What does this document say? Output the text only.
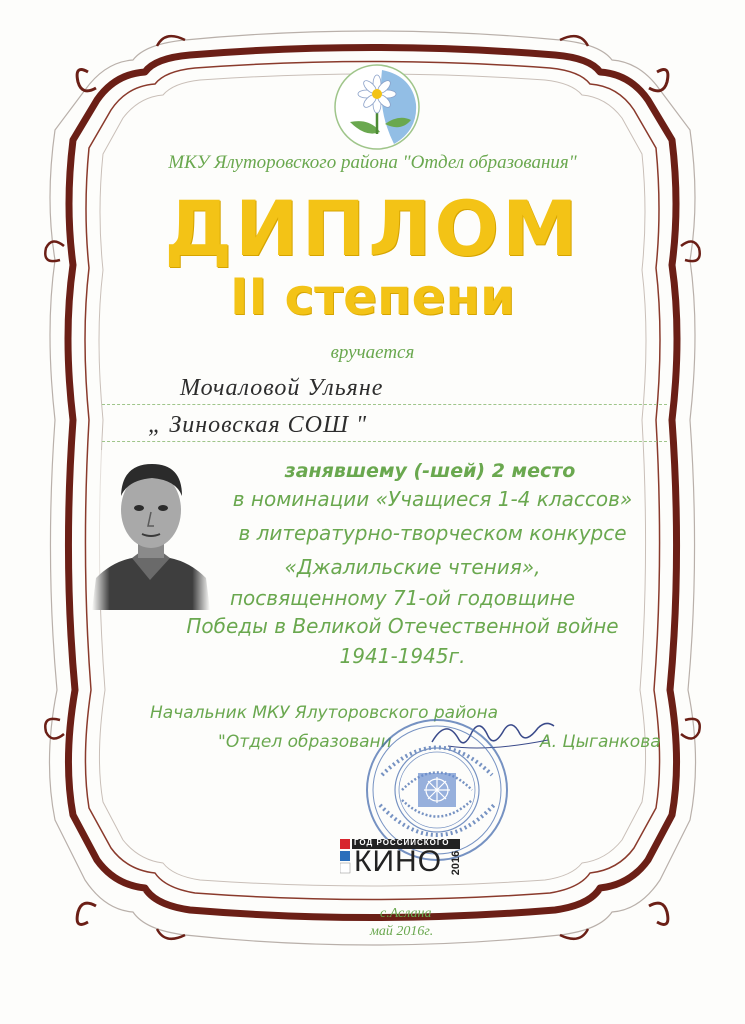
МКУ Ялуторовского района "Отдел образования"
ДИПЛОМ
II степени
вручается
Мочаловой Ульяне
„ Зиновская СОШ "
занявшему (-шей) 2 место
в номинации «Учащиеся 1-4 классов»
в литературно-творческом конкурсе
«Джалильские чтения»,
посвященному 71-ой годовщине
Победы в Великой Отечественной войне
1941-1945г.
Начальник МКУ Ялуторовского района
"Отдел образовани	А. Цыганкова
ГОД РОССИЙСКОГО
КИНО 2016
с.Аслана
май 2016г.
